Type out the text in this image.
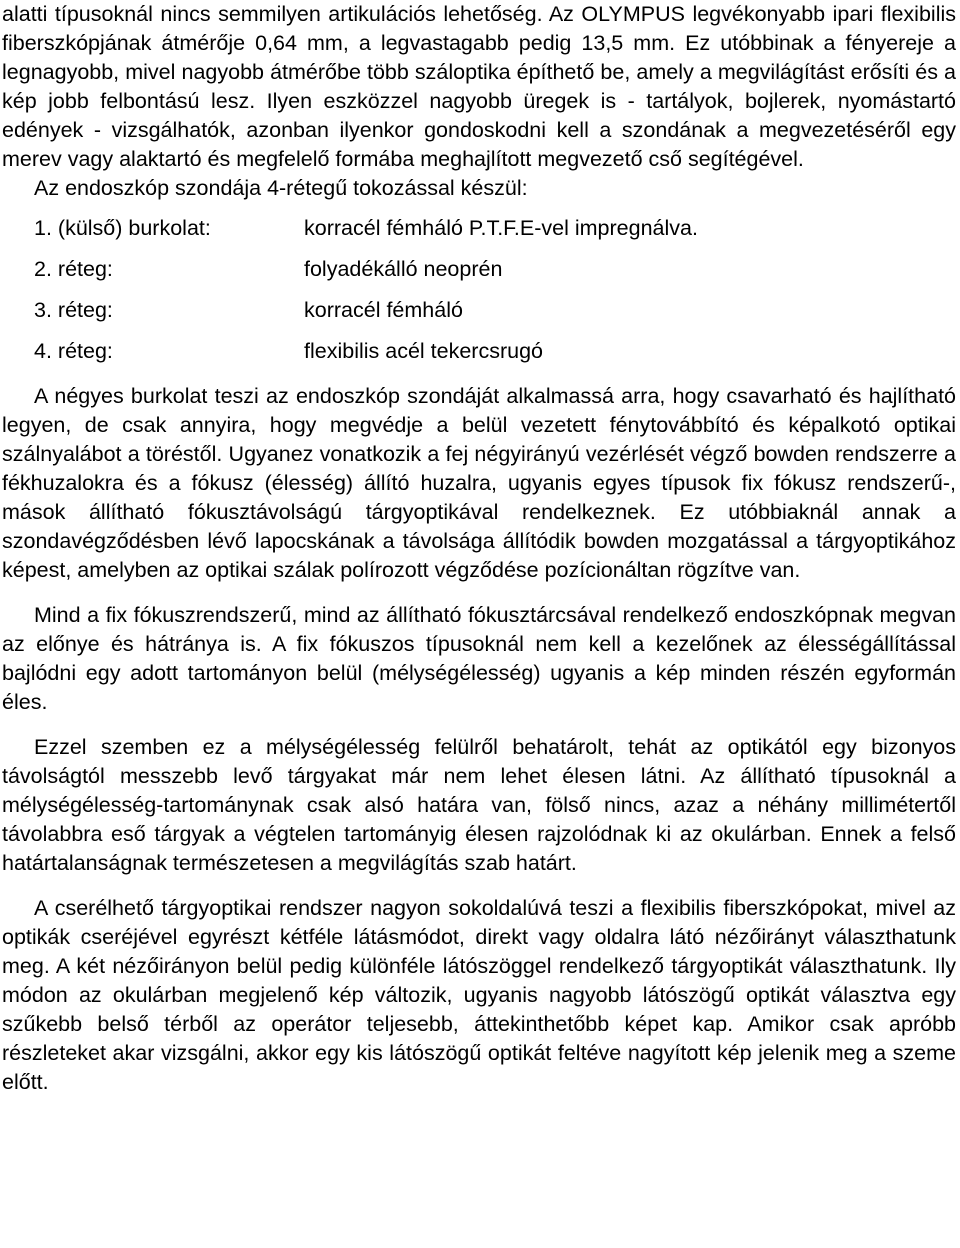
alatti típusoknál nincs semmilyen artikulációs lehetőség. Az OLYMPUS legvékonyabb ipari flexibilis fiberszkópjának átmérője 0,64 mm, a legvastagabb pedig 13,5 mm. Ez utóbbinak a fényereje a legnagyobb, mivel nagyobb átmérőbe több száloptika építhető be, amely a megvilágítást erősíti és a kép jobb felbontású lesz. Ilyen eszközzel nagyobb üregek is - tartályok, bojlerek, nyomástartó edények - vizsgálhatók, azonban ilyenkor gondoskodni kell a szondának a megvezetéséről egy merev vagy alaktartó és megfelelő formába meghajlított megvezető cső segítégével.

Az endoszkóp szondája 4-rétegű tokozással készül:

1. (külső) burkolat:	korracél fémháló P.T.F.E-vel impregnálva.
2. réteg:	folyadékálló neoprén
3. réteg:	korracél fémháló
4. réteg:	flexibilis acél tekercsrugó

A négyes burkolat teszi az endoszkóp szondáját alkalmassá arra, hogy csavarható és hajlítható legyen, de csak annyira, hogy megvédje a belül vezetett fénytovábbító és képalkotó optikai szálnyalábot a töréstől. Ugyanez vonatkozik a fej négyirányú vezérlését végző bowden rendszerre a fékhuzalokra és a fókusz (élesség) állító huzalra, ugyanis egyes típusok fix fókusz rendszerű-, mások állítható fókusztávolságú tárgyoptikával rendelkeznek. Ez utóbbiaknál annak a szondavégződésben lévő lapocskának a távolsága állítódik bowden mozgatással a tárgyoptikához képest, amelyben az optikai szálak polírozott végződése pozícionáltan rögzítve van.

Mind a fix fókuszrendszerű, mind az állítható fókusztárcsával rendelkező endoszkópnak megvan az előnye és hátránya is. A fix fókuszos típusoknál nem kell a kezelőnek az élességállítással bajlódni egy adott tartományon belül (mélységélesség) ugyanis a kép minden részén egyformán éles.

Ezzel szemben ez a mélységélesség felülről behatárolt, tehát az optikától egy bizonyos távolságtól messzebb levő tárgyakat már nem lehet élesen látni. Az állítható típusoknál a mélységélesség-tartománynak csak alsó határa van, fölső nincs, azaz a néhány millimétertől távolabbra eső tárgyak a végtelen tartományig élesen rajzolódnak ki az okulárban. Ennek a felső határtalanságnak természetesen a megvilágítás szab határt.

A cserélhető tárgyoptikai rendszer nagyon sokoldalúvá teszi a flexibilis fiberszkópokat, mivel az optikák cseréjével egyrészt kétféle látásmódot, direkt vagy oldalra látó nézőirányt választhatunk meg. A két nézőirányon belül pedig különféle látószöggel rendelkező tárgyoptikát választhatunk. Ily módon az okulárban megjelenő kép változik, ugyanis nagyobb látószögű optikát választva egy szűkebb belső térből az operátor teljesebb, áttekinthetőbb képet kap. Amikor csak apróbb részleteket akar vizsgálni, akkor egy kis látószögű optikát feltéve nagyított kép jelenik meg a szeme előtt.
